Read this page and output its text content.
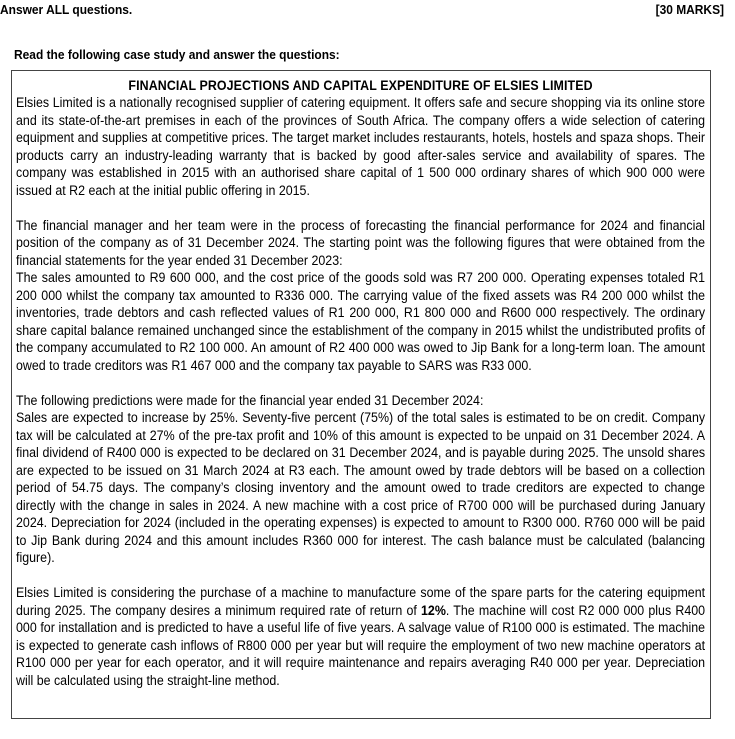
Answer ALL questions.	[30 MARKS]
Read the following case study and answer the questions:
FINANCIAL PROJECTIONS AND CAPITAL EXPENDITURE OF ELSIES LIMITED

Elsies Limited is a nationally recognised supplier of catering equipment. It offers safe and secure shopping via its online store and its state-of-the-art premises in each of the provinces of South Africa. The company offers a wide selection of catering equipment and supplies at competitive prices. The target market includes restaurants, hotels, hostels and spaza shops. Their products carry an industry-leading warranty that is backed by good after-sales service and availability of spares. The company was established in 2015 with an authorised share capital of 1 500 000 ordinary shares of which 900 000 were issued at R2 each at the initial public offering in 2015.

The financial manager and her team were in the process of forecasting the financial performance for 2024 and financial position of the company as of 31 December 2024. The starting point was the following figures that were obtained from the financial statements for the year ended 31 December 2023:

The sales amounted to R9 600 000, and the cost price of the goods sold was R7 200 000. Operating expenses totaled R1 200 000 whilst the company tax amounted to R336 000. The carrying value of the fixed assets was R4 200 000 whilst the inventories, trade debtors and cash reflected values of R1 200 000, R1 800 000 and R600 000 respectively. The ordinary share capital balance remained unchanged since the establishment of the company in 2015 whilst the undistributed profits of the company accumulated to R2 100 000. An amount of R2 400 000 was owed to Jip Bank for a long-term loan. The amount owed to trade creditors was R1 467 000 and the company tax payable to SARS was R33 000.

The following predictions were made for the financial year ended 31 December 2024:

Sales are expected to increase by 25%. Seventy-five percent (75%) of the total sales is estimated to be on credit. Company tax will be calculated at 27% of the pre-tax profit and 10% of this amount is expected to be unpaid on 31 December 2024. A final dividend of R400 000 is expected to be declared on 31 December 2024, and is payable during 2025. The unsold shares are expected to be issued on 31 March 2024 at R3 each. The amount owed by trade debtors will be based on a collection period of 54.75 days. The company’s closing inventory and the amount owed to trade creditors are expected to change directly with the change in sales in 2024. A new machine with a cost price of R700 000 will be purchased during January 2024. Depreciation for 2024 (included in the operating expenses) is expected to amount to R300 000. R760 000 will be paid to Jip Bank during 2024 and this amount includes R360 000 for interest. The cash balance must be calculated (balancing figure).

Elsies Limited is considering the purchase of a machine to manufacture some of the spare parts for the catering equipment during 2025. The company desires a minimum required rate of return of 12%. The machine will cost R2 000 000 plus R400 000 for installation and is predicted to have a useful life of five years. A salvage value of R100 000 is estimated. The machine is expected to generate cash inflows of R800 000 per year but will require the employment of two new machine operators at R100 000 per year for each operator, and it will require maintenance and repairs averaging R40 000 per year. Depreciation will be calculated using the straight-line method.
